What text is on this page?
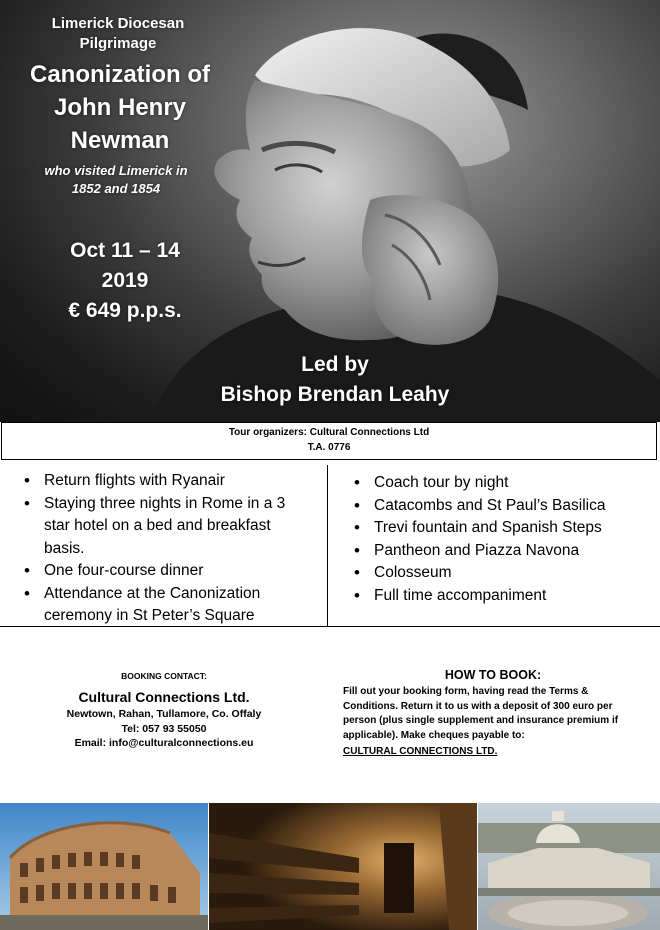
Limerick Diocesan
Pilgrimage
Canonization of
John Henry
Newman
who visited Limerick in
1852 and 1854
Oct 11 – 14
2019
€ 649 p.p.s.
Led by
Bishop Brendan Leahy
Tour organizers: Cultural Connections Ltd
T.A. 0776
• Return flights with Ryanair
• Staying three nights in Rome in a 3 star hotel on a bed and breakfast basis.
• One four-course dinner
• Attendance at the Canonization ceremony in St Peter’s Square
• Coach tour by night
• Catacombs and St Paul’s Basilica
• Trevi fountain and Spanish Steps
• Pantheon and Piazza Navona
• Colosseum
• Full time accompaniment
BOOKING CONTACT:
Cultural Connections Ltd.
Newtown, Rahan, Tullamore, Co. Offaly
Tel: 057 93 55050
Email: info@culturalconnections.eu
HOW TO BOOK:
Fill out your booking form, having read the Terms & Conditions. Return it to us with a deposit of 300 euro per person (plus single supplement and insurance premium if applicable). Make cheques payable to:
CULTURAL CONNECTIONS LTD.
